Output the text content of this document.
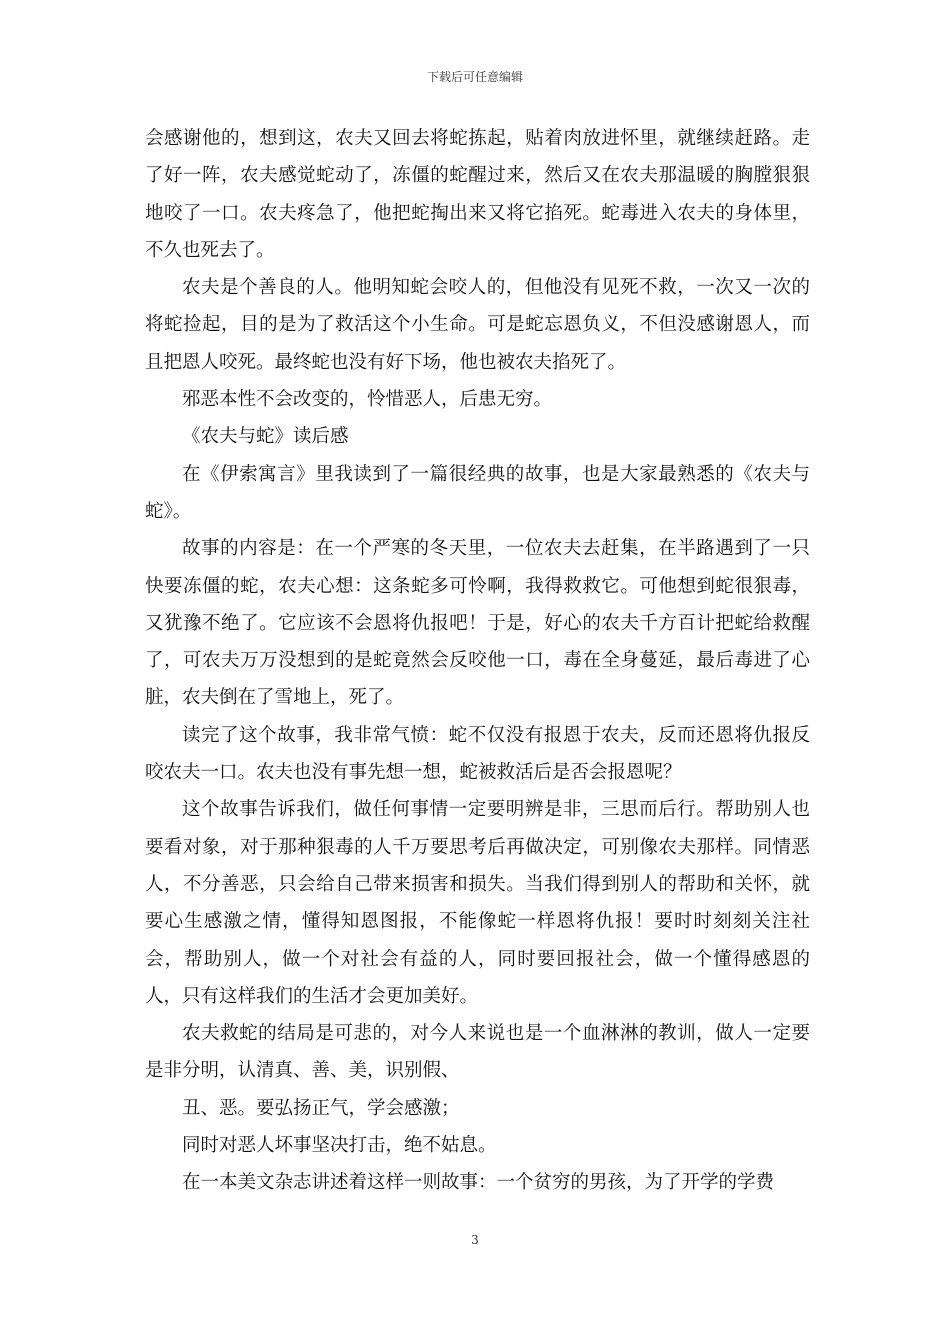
下载后可任意编辑

会感谢他的，想到这，农夫又回去将蛇拣起，贴着肉放进怀里，就继续赶路。走了好一阵，农夫感觉蛇动了，冻僵的蛇醒过来，然后又在农夫那温暖的胸膛狠狠地咬了一口。农夫疼急了，他把蛇掏出来又将它掐死。蛇毒进入农夫的身体里，不久也死去了。

农夫是个善良的人。他明知蛇会咬人的，但他没有见死不救，一次又一次的将蛇捡起，目的是为了救活这个小生命。可是蛇忘恩负义，不但没感谢恩人，而且把恩人咬死。最终蛇也没有好下场，他也被农夫掐死了。

邪恶本性不会改变的，怜惜恶人，后患无穷。

《农夫与蛇》读后感

在《伊索寓言》里我读到了一篇很经典的故事，也是大家最熟悉的《农夫与蛇》。

故事的内容是：在一个严寒的冬天里，一位农夫去赶集，在半路遇到了一只快要冻僵的蛇，农夫心想：这条蛇多可怜啊，我得救救它。可他想到蛇很狠毒，又犹豫不绝了。它应该不会恩将仇报吧！于是，好心的农夫千方百计把蛇给救醒了，可农夫万万没想到的是蛇竟然会反咬他一口，毒在全身蔓延，最后毒进了心脏，农夫倒在了雪地上，死了。

读完了这个故事，我非常气愤：蛇不仅没有报恩于农夫，反而还恩将仇报反咬农夫一口。农夫也没有事先想一想，蛇被救活后是否会报恩呢？

这个故事告诉我们，做任何事情一定要明辨是非，三思而后行。帮助别人也要看对象，对于那种狠毒的人千万要思考后再做决定，可别像农夫那样。同情恶人，不分善恶，只会给自己带来损害和损失。当我们得到别人的帮助和关怀，就要心生感激之情，懂得知恩图报，不能像蛇一样恩将仇报！要时时刻刻关注社会，帮助别人，做一个对社会有益的人，同时要回报社会，做一个懂得感恩的人，只有这样我们的生活才会更加美好。

农夫救蛇的结局是可悲的，对今人来说也是一个血淋淋的教训，做人一定要是非分明，认清真、善、美，识别假、

丑、恶。要弘扬正气，学会感激；

同时对恶人坏事坚决打击，绝不姑息。

在一本美文杂志讲述着这样一则故事：一个贫穷的男孩，为了开学的学费

3
